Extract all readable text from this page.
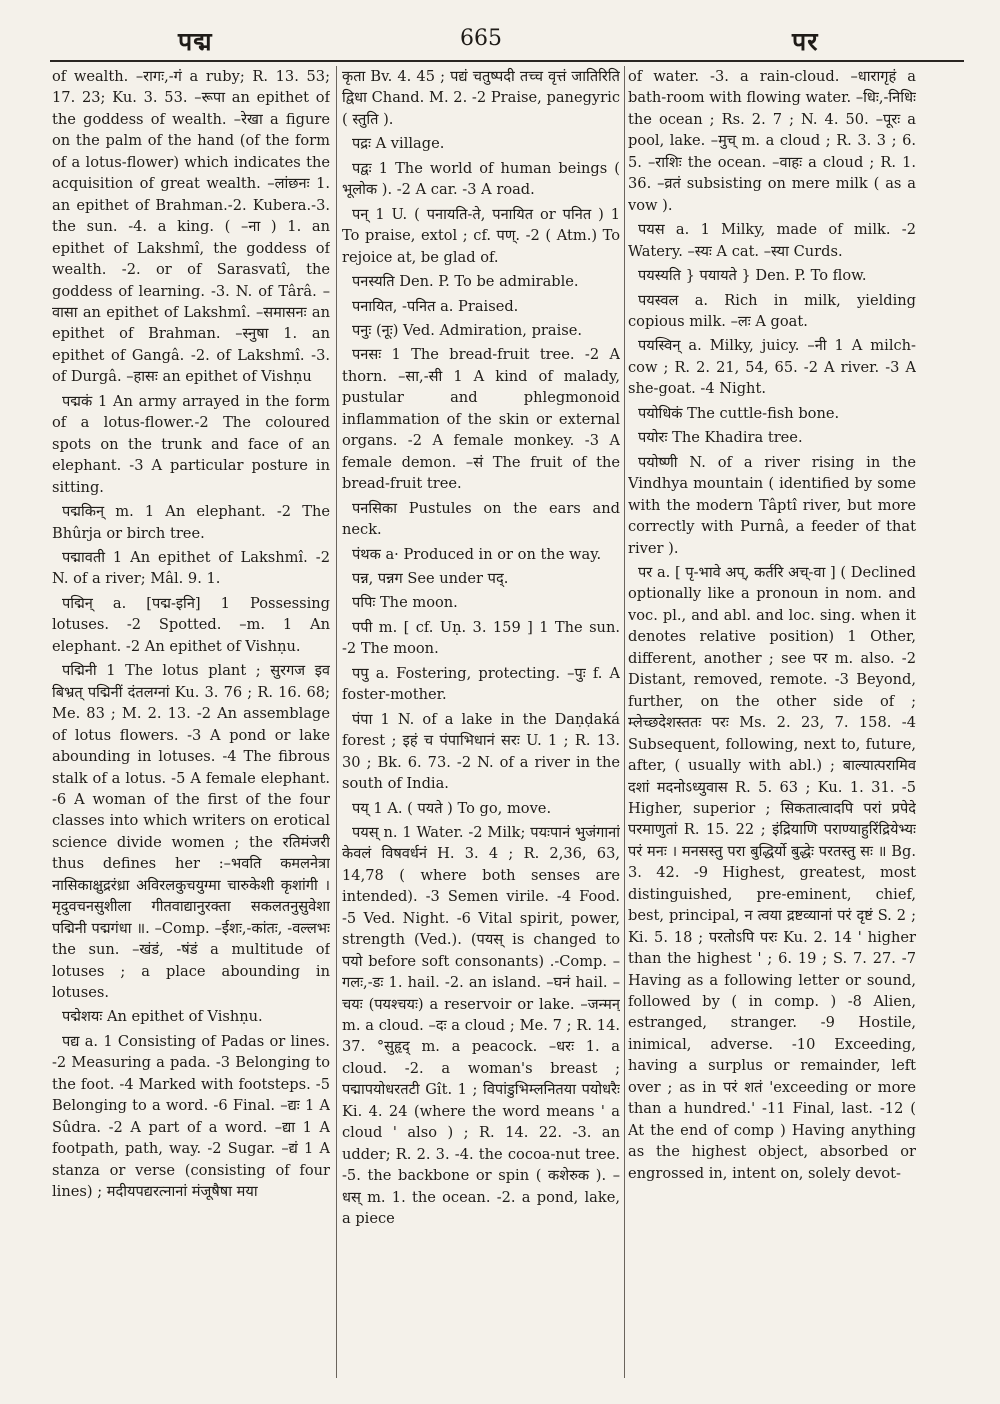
पद्म	665	पर

of wealth. –रागः,-गं a ruby; R. 13. 53; 17. 23; Ku. 3. 53. –रूपा an epithet of the goddess of wealth. –रेखा a figure on the palm of the hand (of the form of a lotus-flower) which indicates the acquisition of great wealth. –लांछनः 1. an epithet of Brahman.-2. Kubera.-3. the sun. -4. a king. ( –ना ) 1. an epithet of Lakshmî, the goddess of wealth. -2. or of Sarasvatî, the goddess of learning. -3. N. of Târâ. –वासा an epithet of Lakshmî. –समासनः an epithet of Brahman. –स्नुषा 1. an epithet of Gangâ. -2. of Lakshmî. -3. of Durgâ. –हासः an epithet of Vishṇu

पद्मकं 1 An army arrayed in the form of a lotus-flower.-2 The coloured spots on the trunk and face of an elephant. -3 A particular posture in sitting.

पद्मकिन् m. 1 An elephant. -2 The Bhûrja or birch tree.

पद्मावती 1 An epithet of Lakshmî. -2 N. of a river; Mâl. 9. 1.

पद्मिन् a. [पद्म-इनि] 1 Possessing lotuses. -2 Spotted. –m. 1 An elephant. -2 An epithet of Vishṇu.

पद्मिनी 1 The lotus plant ; सुरगज इव बिभ्रत् पद्मिनीं दंतलग्नां Ku. 3. 76 ; R. 16. 68; Me. 83 ; M. 2. 13. -2 An assemblage of lotus flowers. -3 A pond or lake abounding in lotuses. -4 The fibrous stalk of a lotus. -5 A female elephant. -6 A woman of the first of the four classes into which writers on erotical science divide women ; the रतिमंजरी thus defines her :–भवति कमलनेत्रा नासिकाक्षुद्ररंध्रा अविरलकुचयुग्मा चारुकेशी कृशांगी । मृदुवचनसुशीला गीतवाद्यानुरक्ता सकलतनुसुवेशा पद्मिनी पद्मगंधा ॥. –Comp. –ईशः,-कांतः, -वल्लभः the sun. –खंडं, -षंडं a multitude of lotuses ; a place abounding in lotuses.

पद्मेशयः An epithet of Vishṇu.

पद्य a. 1 Consisting of Padas or lines. -2 Measuring a pada. -3 Belonging to the foot. -4 Marked with footsteps. -5 Belonging to a word. -6 Final. –द्यः 1 A Sûdra. -2 A part of a word. –द्या 1 A footpath, path, way. -2 Sugar. –द्यं 1 A stanza or verse (consisting of four lines) ; मदीयपद्यरत्नानां मंजूषैषा मया

कृता Bv. 4. 45 ; पद्यं चतुष्पदी तच्च वृत्तं जातिरिति द्विधा Chand. M. 2. -2 Praise, panegyric ( स्तुति ).

पद्रः A village.

पद्वः 1 The world of human beings ( भूलोक ). -2 A car. -3 A road.

पन् 1 U. ( पनायति-ते, पनायित or पनित ) 1 To praise, extol ; cf. पण्. -2 ( Atm.) To rejoice at, be glad of.

पनस्यति Den. P. To be admirable.

पनायित, -पनित a. Praised.

पनुः (नूः) Ved. Admiration, praise.

पनसः 1 The bread-fruit tree. -2 A thorn. –सा,-सी 1 A kind of malady, pustular and phlegmonoid inflammation of the skin or external organs. -2 A female monkey. -3 A female demon. –सं The fruit of the bread-fruit tree.

पनसिका Pustules on the ears and neck.

पंथक a· Produced in or on the way.

पन्न, पन्नग See under पद्.

पपिः The moon.

पपी m. [ cf. Uṇ. 3. 159 ] 1 The sun. -2 The moon.

पपु a. Fostering, protecting. –पुः f. A foster-mother.

पंपा 1 N. of a lake in the Daṇḍaká forest ; इहं च पंपाभिधानं सरः U. 1 ; R. 13. 30 ; Bk. 6. 73. -2 N. of a river in the south of India.

पय् 1 A. ( पयते ) To go, move.

पयस् n. 1 Water. -2 Milk; पयःपानं भुजंगानां केवलं विषवर्धनं H. 3. 4 ; R. 2,36, 63, 14,78 ( where both senses are intended). -3 Semen virile. -4 Food. -5 Ved. Night. -6 Vital spirit, power, strength (Ved.). (पयस् is changed to पयो before soft consonants) .-Comp. –गलः,-डः 1. hail. -2. an island. –घनं hail. –चयः (पयश्चयः) a reservoir or lake. –जन्मन् m. a cloud. –दः a cloud ; Me. 7 ; R. 14. 37. °सुहृद् m. a peacock. –धरः 1. a cloud. -2. a woman's breast ; पद्मापयोधरतटी Gît. 1 ; विपांडुभिम्लनितया पयोधरैः Ki. 4. 24 (where the word means ' a cloud ' also ) ; R. 14. 22. -3. an udder; R. 2. 3. -4. the cocoa-nut tree. -5. the backbone or spin ( कशेरुक ). –धस् m. 1. the ocean. -2. a pond, lake, a piece

of water. -3. a rain-cloud. –धारागृहं a bath-room with flowing water. –धिः,-निधिः the ocean ; Rs. 2. 7 ; N. 4. 50. –पूरः a pool, lake. –मुच् m. a cloud ; R. 3. 3 ; 6. 5. –राशिः the ocean. –वाहः a cloud ; R. 1. 36. –व्रतं subsisting on mere milk ( as a vow ).

पयस a. 1 Milky, made of milk. -2 Watery. –स्यः A cat. –स्या Curds.

पयस्यति } पयायते } Den. P. To flow.

पयस्वल a. Rich in milk, yielding copious milk. –लः A goat.

पयस्विन् a. Milky, juicy. –नी 1 A milch-cow ; R. 2. 21, 54, 65. -2 A river. -3 A she-goat. -4 Night.

पयोधिकं The cuttle-fish bone.

पयोरः The Khadira tree.

पयोष्णी N. of a river rising in the Vindhya mountain ( identified by some with the modern Tâptî river, but more correctly with Purnâ, a feeder of that river ).

पर a. [ पृ-भावे अप्, कर्तरि अच्-वा ] ( Declined optionally like a pronoun in nom. and voc. pl., and abl. and loc. sing. when it denotes relative position) 1 Other, different, another ; see पर m. also. -2 Distant, removed, remote. -3 Beyond, further, on the other side of ; म्लेच्छदेशस्ततः परः Ms. 2. 23, 7. 158. -4 Subsequent, following, next to, future, after, ( usually with abl.) ; बाल्यात्परामिव दशां मदनोऽध्युवास R. 5. 63 ; Ku. 1. 31. -5 Higher, superior ; सिकतात्वादपि परां प्रपेदे परमाणुतां R. 15. 22 ; इंद्रियाणि पराण्याहुरिंद्रियेभ्यः परं मनः । मनसस्तु परा बुद्धिर्यो बुद्धेः परतस्तु सः ॥ Bg. 3. 42. -9 Highest, greatest, most distinguished, pre-eminent, chief, best, principal, न त्वया द्रष्टव्यानां परं दृष्टं S. 2 ; Ki. 5. 18 ; परतोऽपि परः Ku. 2. 14 ' higher than the highest ' ; 6. 19 ; S. 7. 27. -7 Having as a following letter or sound, followed by ( in comp. ) -8 Alien, estranged, stranger. -9 Hostile, inimical, adverse. -10 Exceeding, having a surplus or remainder, left over ; as in परं शतं 'exceeding or more than a hundred.' -11 Final, last. -12 ( At the end of comp ) Having anything as the highest object, absorbed or engrossed in, intent on, solely devot-
